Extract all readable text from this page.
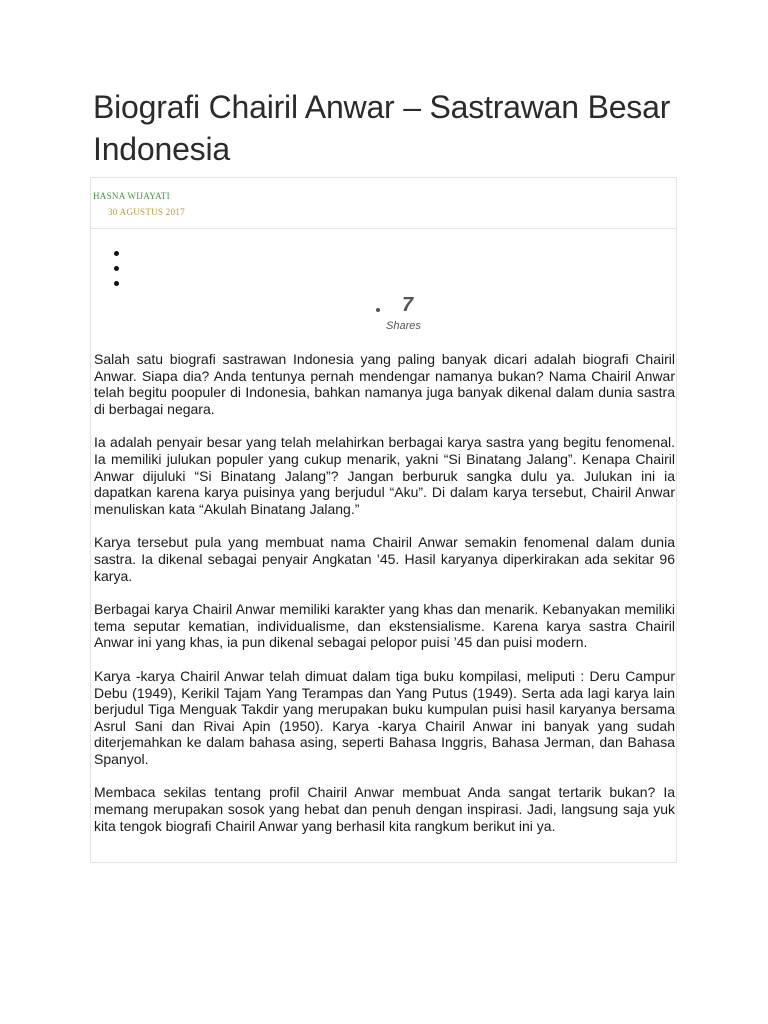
Biografi Chairil Anwar – Sastrawan Besar Indonesia
HASNA WIJAYATI
30 AGUSTUS 2017
7
Shares

Salah satu biografi sastrawan Indonesia yang paling banyak dicari adalah biografi Chairil Anwar. Siapa dia? Anda tentunya pernah mendengar namanya bukan? Nama Chairil Anwar telah begitu poopuler di Indonesia, bahkan namanya juga banyak dikenal dalam dunia sastra di berbagai negara.

Ia adalah penyair besar yang telah melahirkan berbagai karya sastra yang begitu fenomenal. Ia memiliki julukan populer yang cukup menarik, yakni “Si Binatang Jalang”. Kenapa Chairil Anwar dijuluki “Si Binatang Jalang”? Jangan berburuk sangka dulu ya. Julukan ini ia dapatkan karena karya puisinya yang berjudul “Aku”. Di dalam karya tersebut, Chairil Anwar menuliskan kata “Akulah Binatang Jalang.”

Karya tersebut pula yang membuat nama Chairil Anwar semakin fenomenal dalam dunia sastra. Ia dikenal sebagai penyair Angkatan ’45. Hasil karyanya diperkirakan ada sekitar 96 karya.

Berbagai karya Chairil Anwar memiliki karakter yang khas dan menarik. Kebanyakan memiliki tema seputar kematian, individualisme, dan ekstensialisme. Karena karya sastra Chairil Anwar ini yang khas, ia pun dikenal sebagai pelopor puisi ’45 dan puisi modern.

Karya -karya Chairil Anwar telah dimuat dalam tiga buku kompilasi, meliputi : Deru Campur Debu (1949), Kerikil Tajam Yang Terampas dan Yang Putus (1949). Serta ada lagi karya lain berjudul Tiga Menguak Takdir yang merupakan buku kumpulan puisi hasil karyanya bersama Asrul Sani dan Rivai Apin (1950). Karya -karya Chairil Anwar ini banyak yang sudah diterjemahkan ke dalam bahasa asing, seperti Bahasa Inggris, Bahasa Jerman, dan Bahasa Spanyol.

Membaca sekilas tentang profil Chairil Anwar membuat Anda sangat tertarik bukan? Ia memang merupakan sosok yang hebat dan penuh dengan inspirasi. Jadi, langsung saja yuk kita tengok biografi Chairil Anwar yang berhasil kita rangkum berikut ini ya.
